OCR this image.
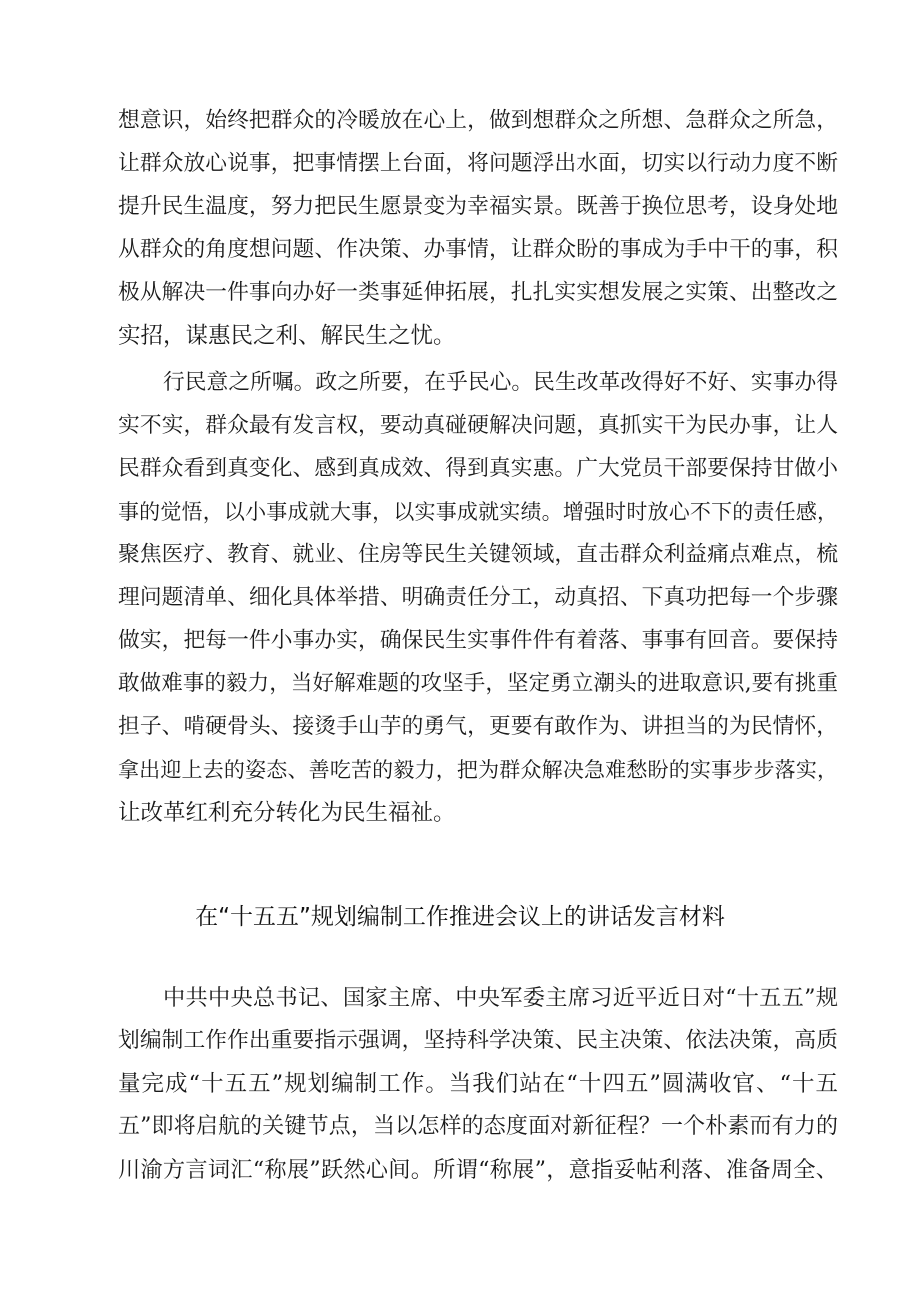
想意识，始终把群众的冷暖放在心上，做到想群众之所想、急群众之所急，
让群众放心说事，把事情摆上台面，将问题浮出水面，切实以行动力度不断
提升民生温度，努力把民生愿景变为幸福实景。既善于换位思考，设身处地
从群众的角度想问题、作决策、办事情，让群众盼的事成为手中干的事，积
极从解决一件事向办好一类事延伸拓展，扎扎实实想发展之实策、出整改之
实招，谋惠民之利、解民生之忧。
行民意之所嘱。政之所要，在乎民心。民生改革改得好不好、实事办得
实不实，群众最有发言权，要动真碰硬解决问题，真抓实干为民办事，让人
民群众看到真变化、感到真成效、得到真实惠。广大党员干部要保持甘做小
事的觉悟，以小事成就大事，以实事成就实绩。增强时时放心不下的责任感，
聚焦医疗、教育、就业、住房等民生关键领域，直击群众利益痛点难点，梳
理问题清单、细化具体举措、明确责任分工，动真招、下真功把每一个步骤
做实，把每一件小事办实，确保民生实事件件有着落、事事有回音。要保持
敢做难事的毅力，当好解难题的攻坚手，坚定勇立潮头的进取意识,要有挑重
担子、啃硬骨头、接烫手山芋的勇气，更要有敢作为、讲担当的为民情怀，
拿出迎上去的姿态、善吃苦的毅力，把为群众解决急难愁盼的实事步步落实，
让改革红利充分转化为民生福祉。
在“十五五”规划编制工作推进会议上的讲话发言材料
中共中央总书记、国家主席、中央军委主席习近平近日对“十五五”规
划编制工作作出重要指示强调，坚持科学决策、民主决策、依法决策，高质
量完成“十五五”规划编制工作。当我们站在“十四五”圆满收官、“十五
五”即将启航的关键节点，当以怎样的态度面对新征程？一个朴素而有力的
川渝方言词汇“称展”跃然心间。所谓“称展”，意指妥帖利落、准备周全、
